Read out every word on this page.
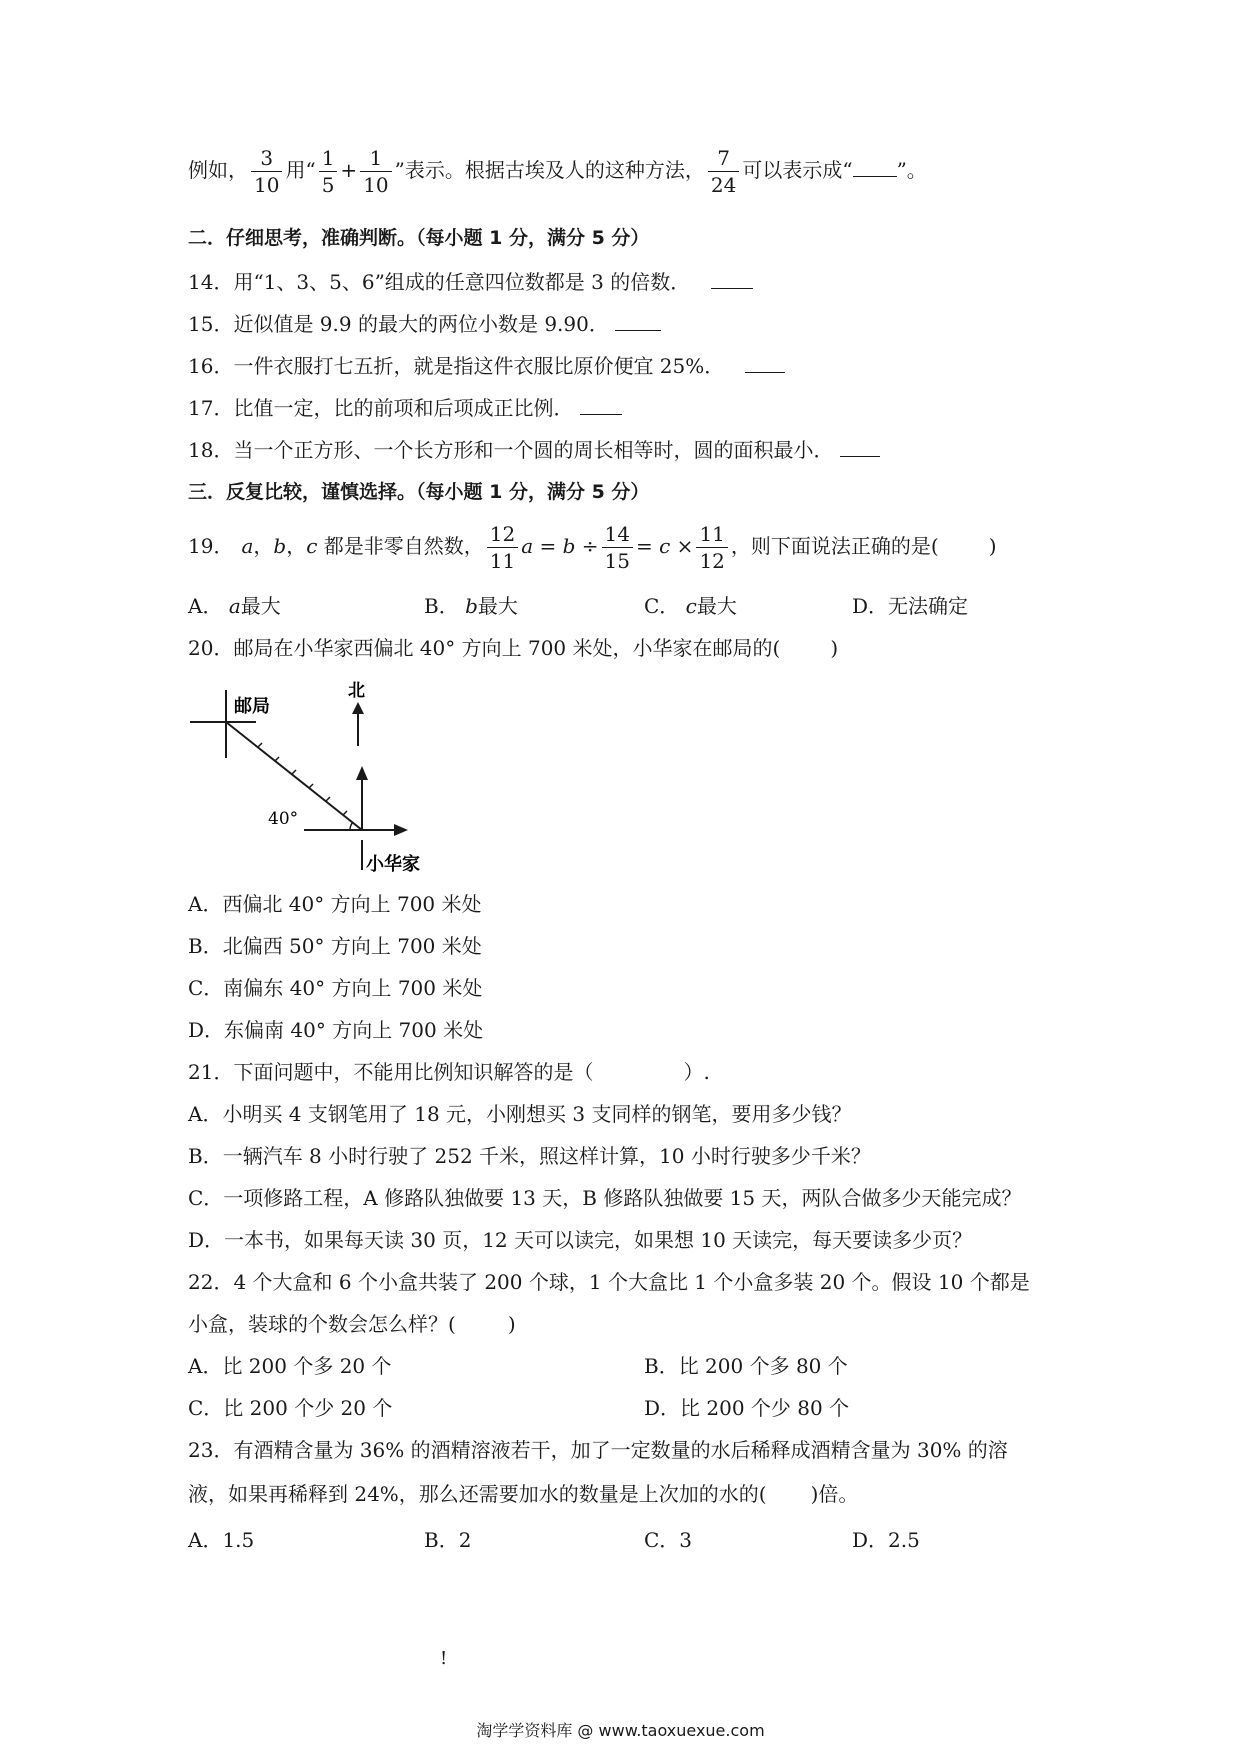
例如， $\frac{3}{10}$ 用“ $\frac{1}{5} + \frac{1}{10}$ ”表示。根据古埃及人的这种方法， $\frac{7}{24}$ 可以表示成“ ”。
二．仔细思考，准确判断。（每小题 1 分，满分 5 分）
14．用“1、3、5、6”组成的任意四位数都是 3 的倍数．
15．近似值是 9.9 的最大的两位小数是 9.90．
16．一件衣服打七五折，就是指这件衣服比原价便宜 25%．
17．比值一定，比的前项和后项成正比例．
18．当一个正方形、一个长方形和一个圆的周长相等时，圆的面积最小．
三．反复比较，谨慎选择。（每小题 1 分，满分 5 分）
19． a，b，c 都是非零自然数， $\frac{12}{11}$ $a = b \div \frac{14}{15} = c \times \frac{11}{12}$ ，则下面说法正确的是(	)
A． a最大	B． b最大	C． c最大	D．无法确定
20．邮局在小华家西偏北 40° 方向上 700 米处，小华家在邮局的(	)
邮局
北
40°
小华家
A．西偏北 40° 方向上 700 米处
B．北偏西 50° 方向上 700 米处
C．南偏东 40° 方向上 700 米处
D．东偏南 40° 方向上 700 米处
21．下面问题中，不能用比例知识解答的是（	）.
A．小明买 4 支钢笔用了 18 元，小刚想买 3 支同样的钢笔，要用多少钱？
B．一辆汽车 8 小时行驶了 252 千米，照这样计算，10 小时行驶多少千米？
C．一项修路工程，A 修路队独做要 13 天，B 修路队独做要 15 天，两队合做多少天能完成？
D．一本书，如果每天读 30 页，12 天可以读完，如果想 10 天读完，每天要读多少页？
22．4 个大盒和 6 个小盒共装了 200 个球，1 个大盒比 1 个小盒多装 20 个。假设 10 个都是
小盒，装球的个数会怎么样？(	)
A．比 200 个多 20 个	B．比 200 个多 80 个
C．比 200 个少 20 个	D．比 200 个少 80 个
23．有酒精含量为 36% 的酒精溶液若干，加了一定数量的水后稀释成酒精含量为 30% 的溶
液，如果再稀释到 24%，那么还需要加水的数量是上次加的水的( )倍。
A．1.5	B．2	C．3	D．2.5
!
淘学学资料库 @ www.taoxuexue.com
